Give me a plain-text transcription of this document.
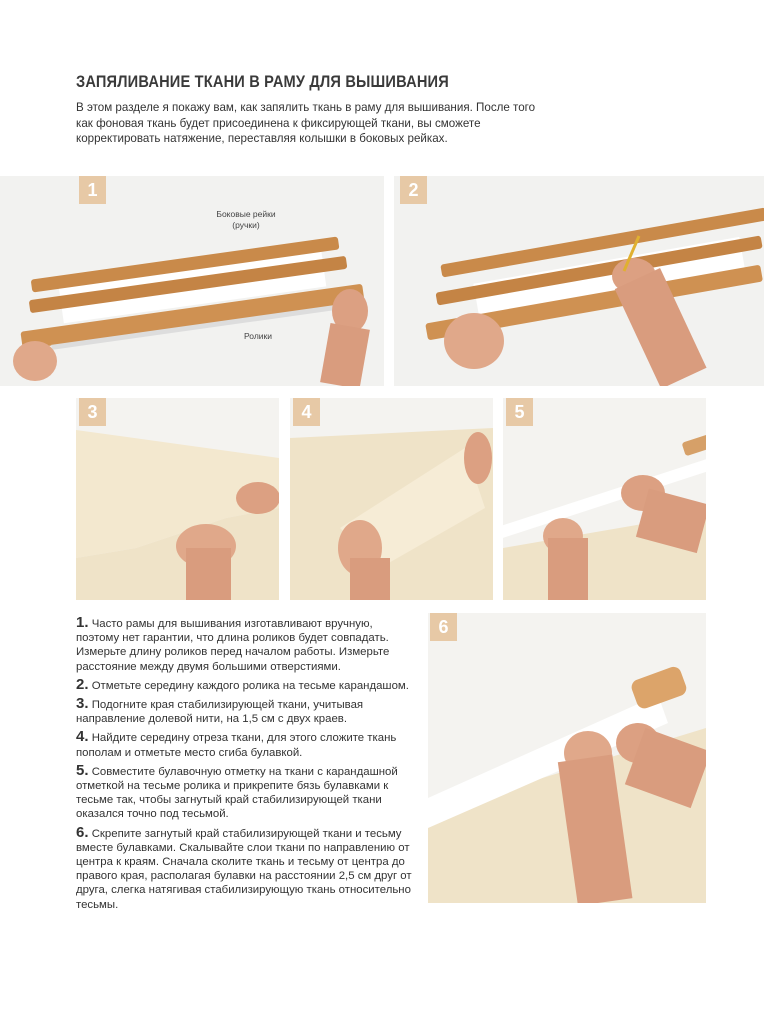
ЗАПЯЛИВАНИЕ ТКАНИ В РАМУ ДЛЯ ВЫШИВАНИЯ
В этом разделе я покажу вам, как запялить ткань в раму для вышивания. После того как фоновая ткань будет присоединена к фиксирующей ткани, вы сможете корректировать натяжение, переставляя колышки в боковых рейках.
1
Боковые рейки (ручки)
Ролики
2
3	4	5
6

1. Часто рамы для вышивания изготавливают вручную, поэтому нет гарантии, что длина роликов будет совпадать. Измерьте длину роликов перед началом работы. Измерьте расстояние между двумя большими отверстиями.

2. Отметьте середину каждого ролика на тесьме карандашом.

3. Подогните края стабилизирующей ткани, учитывая направление долевой нити, на 1,5 см с двух краев.

4. Найдите середину отреза ткани, для этого сложите ткань пополам и отметьте место сгиба булавкой.

5. Совместите булавочную отметку на ткани с карандашной отметкой на тесьме ролика и прикрепите бязь булавками к тесьме так, чтобы загнутый край стабилизирующей ткани оказался точно под тесьмой.

6. Скрепите загнутый край стабилизирующей ткани и тесьму вместе булавками. Скалывайте слои ткани по направлению от центра к краям. Сначала сколите ткань и тесьму от центра до правого края, располагая булавки на расстоянии 2,5 см друг от друга, слегка натягивая стабилизирующую ткань относительно тесьмы.
